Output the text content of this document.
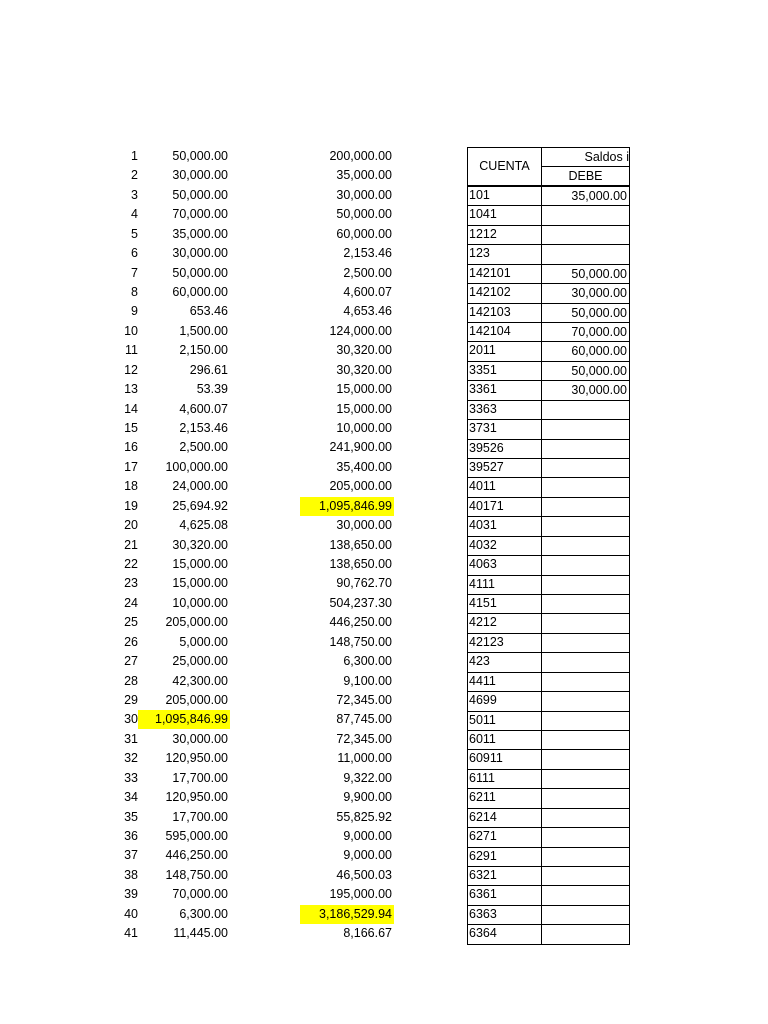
1	50,000.00	200,000.00
2	30,000.00	35,000.00
3	50,000.00	30,000.00
4	70,000.00	50,000.00
5	35,000.00	60,000.00
6	30,000.00	2,153.46
7	50,000.00	2,500.00
8	60,000.00	4,600.07
9	653.46	4,653.46
10	1,500.00	124,000.00
11	2,150.00	30,320.00
12	296.61	30,320.00
13	53.39	15,000.00
14	4,600.07	15,000.00
15	2,153.46	10,000.00
16	2,500.00	241,900.00
17	100,000.00	35,400.00
18	24,000.00	205,000.00
19	25,694.92	1,095,846.99
20	4,625.08	30,000.00
21	30,320.00	138,650.00
22	15,000.00	138,650.00
23	15,000.00	90,762.70
24	10,000.00	504,237.30
25	205,000.00	446,250.00
26	5,000.00	148,750.00
27	25,000.00	6,300.00
28	42,300.00	9,100.00
29	205,000.00	72,345.00
30	1,095,846.99	87,745.00
31	30,000.00	72,345.00
32	120,950.00	11,000.00
33	17,700.00	9,322.00
34	120,950.00	9,900.00
35	17,700.00	55,825.92
36	595,000.00	9,000.00
37	446,250.00	9,000.00
38	148,750.00	46,500.03
39	70,000.00	195,000.00
40	6,300.00	3,186,529.94
41	11,445.00	8,166.67
CUENTA
Saldos i
DEBE
101	35,000.00
1041
1212
123
142101	50,000.00
142102	30,000.00
142103	50,000.00
142104	70,000.00
2011	60,000.00
3351	50,000.00
3361	30,000.00
3363
3731
39526
39527
4011
40171
4031
4032
4063
4111
4151
4212
42123
423
4411
4699
5011
6011
60911
6111
6211
6214
6271
6291
6321
6361
6363
6364
